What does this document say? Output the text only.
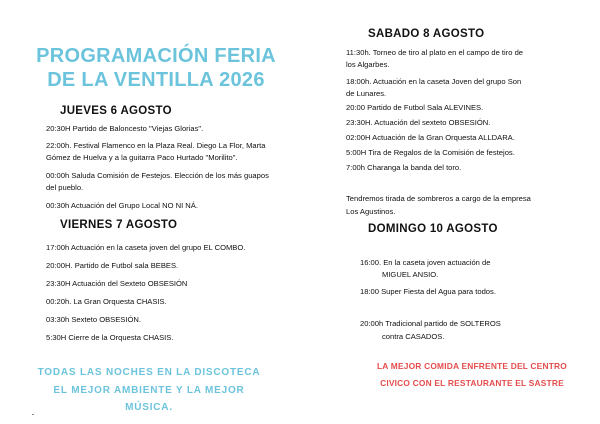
PROGRAMACIÓN FERIA
DE LA VENTILLA 2026
JUEVES 6 AGOSTO

20:30H Partido de Baloncesto "Viejas Glorias".

22:00h. Festival Flamenco en la Plaza Real. Diego La Flor, Marta

Gómez de Huelva y a la guitarra Paco Hurtado "Morilito".

00:00h Saluda Comisión de Festejos. Elección de los más guapos

del pueblo.

00:30h Actuación del Grupo Local NO NI NÁ.

VIERNES 7 AGOSTO

17:00h Actuación en la caseta joven del grupo EL COMBO.

20:00H. Partido de Futbol sala BEBES.

23:30H Actuación del Sexteto OBSESIÓN

00:20h. La Gran Orquesta CHASIS.

03:30h Sexteto OBSESIÓN.

5:30H Cierre de la Orquesta CHASIS.

SABADO 8 AGOSTO

11:30h. Torneo de tiro al plato en el campo de tiro de

los Algarbes.

18:00h. Actuación en la caseta Joven del grupo Son

de Lunares.

20:00 Partido de Futbol Sala ALEVINES.

23:30H. Actuación del sexteto OBSESIÓN.

02:00H Actuación de la Gran Orquesta ALLDARA.

5:00H Tira de Regalos de la Comisión de festejos.

7:00h Charanga la banda del toro.

Tendremos tirada de sombreros a cargo de la empresa

Los Agustinos.

DOMINGO 10 AGOSTO

16:00. En la caseta joven actuación de

MIGUEL ANSIO.

18:00 Super Fiesta del Agua para todos.

20:00h Tradicional partido de SOLTEROS

contra CASADOS.

TODAS LAS NOCHES EN LA DISCOTECA
EL MEJOR AMBIENTE Y LA MEJOR
MÚSICA.
LA MEJOR COMIDA ENFRENTE DEL CENTRO
CIVICO CON EL RESTAURANTE EL SASTRE
